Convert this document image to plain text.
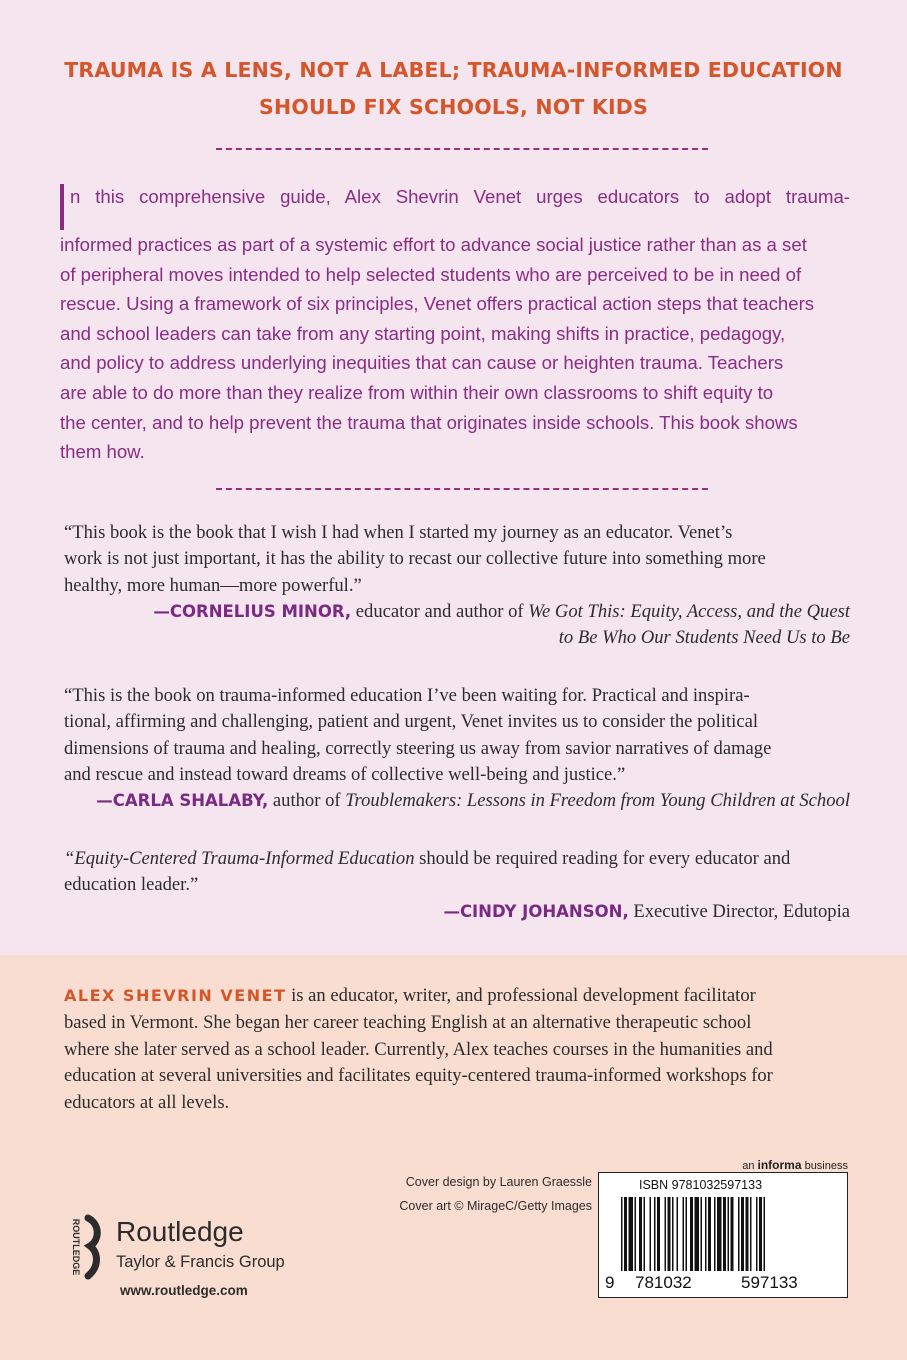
TRAUMA IS A LENS, NOT A LABEL; TRAUMA-INFORMED EDUCATION
SHOULD FIX SCHOOLS, NOT KIDS
n this comprehensive guide, Alex Shevrin Venet urges educators to adopt trauma-
informed practices as part of a systemic effort to advance social justice rather than as a set
of peripheral moves intended to help selected students who are perceived to be in need of
rescue. Using a framework of six principles, Venet offers practical action steps that teachers
and school leaders can take from any starting point, making shifts in practice, pedagogy,
and policy to address underlying inequities that can cause or heighten trauma. Teachers
are able to do more than they realize from within their own classrooms to shift equity to
the center, and to help prevent the trauma that originates inside schools. This book shows
them how.
“This book is the book that I wish I had when I started my journey as an educator. Venet’s
work is not just important, it has the ability to recast our collective future into something more
healthy, more human—more powerful.”
—CORNELIUS MINOR, educator and author of We Got This: Equity, Access, and the Quest
to Be Who Our Students Need Us to Be
“This is the book on trauma-informed education I’ve been waiting for. Practical and inspira-
tional, affirming and challenging, patient and urgent, Venet invites us to consider the political
dimensions of trauma and healing, correctly steering us away from savior narratives of damage
and rescue and instead toward dreams of collective well-being and justice.”
—CARLA SHALABY, author of Troublemakers: Lessons in Freedom from Young Children at School
“Equity-Centered Trauma-Informed Education should be required reading for every educator and
education leader.”
—CINDY JOHANSON, Executive Director, Edutopia
ALEX SHEVRIN VENET is an educator, writer, and professional development facilitator
based in Vermont. She began her career teaching English at an alternative therapeutic school
where she later served as a school leader. Currently, Alex teaches courses in the humanities and
education at several universities and facilitates equity-centered trauma-informed workshops for
educators at all levels.
Cover design by Lauren Graessle
Cover art © MirageC/Getty Images
an informa business
ISBN 9781032597133
9 781032	597133
ROUTLEDGE Routledge
Taylor & Francis Group
www.routledge.com
